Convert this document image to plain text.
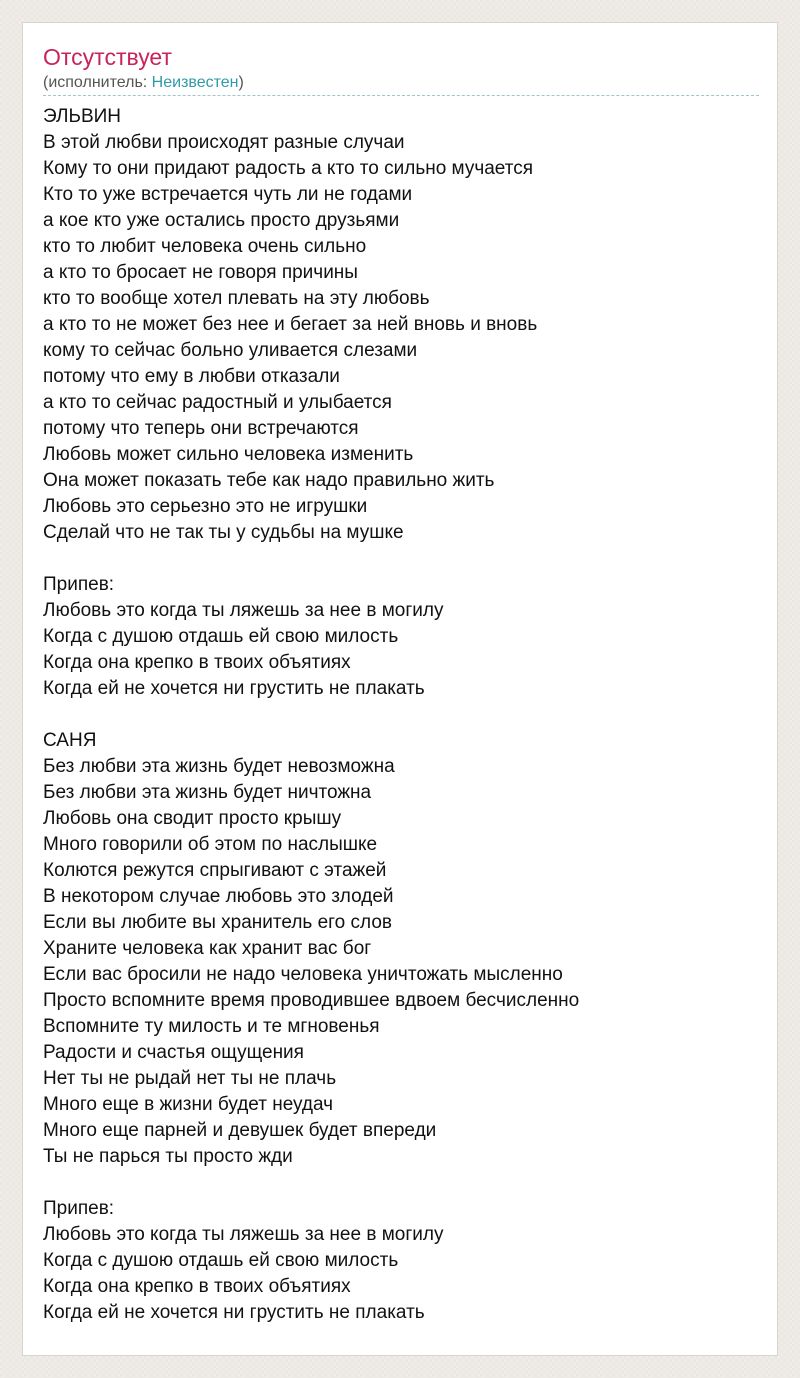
Отсутствует
(исполнитель: Неизвестен)
ЭЛЬВИН
В этой любви происходят разные случаи
Кому то они придают радость а кто то сильно мучается
Кто то уже встречается чуть ли не годами
а кое кто уже остались просто друзьями
кто то любит человека очень сильно
а кто то бросает не говоря причины
кто то вообще хотел плевать на эту любовь
а кто то не может без нее и бегает за ней вновь и вновь
кому то сейчас больно уливается слезами
потому что ему в любви отказали
а кто то сейчас радостный и улыбается
потому что теперь они встречаются
Любовь может сильно человека изменить
Она может показать тебе как надо правильно жить
Любовь это серьезно это не игрушки
Сделай что не так ты у судьбы на мушке
Припев:
Любовь это когда ты ляжешь за нее в могилу
Когда с душою отдашь ей свою милость
Когда она крепко в твоих объятиях
Когда ей не хочется ни грустить не плакать
САНЯ
Без любви эта жизнь будет невозможна
Без любви эта жизнь будет ничтожна
Любовь она сводит просто крышу
Много говорили об этом по наслышке
Колются режутся спрыгивают с этажей
В некотором случае любовь это злодей
Если вы любите вы хранитель его слов
Храните человека как хранит вас бог
Если вас бросили не надо человека уничтожать мысленно
Просто вспомните время проводившее вдвоем бесчисленно
Вспомните ту милость и те мгновенья
Радости и счастья ощущения
Нет ты не рыдай нет ты не плачь
Много еще в жизни будет неудач
Много еще парней и девушек будет впереди
Ты не парься ты просто жди
Припев:
Любовь это когда ты ляжешь за нее в могилу
Когда с душою отдашь ей свою милость
Когда она крепко в твоих объятиях
Когда ей не хочется ни грустить не плакать
